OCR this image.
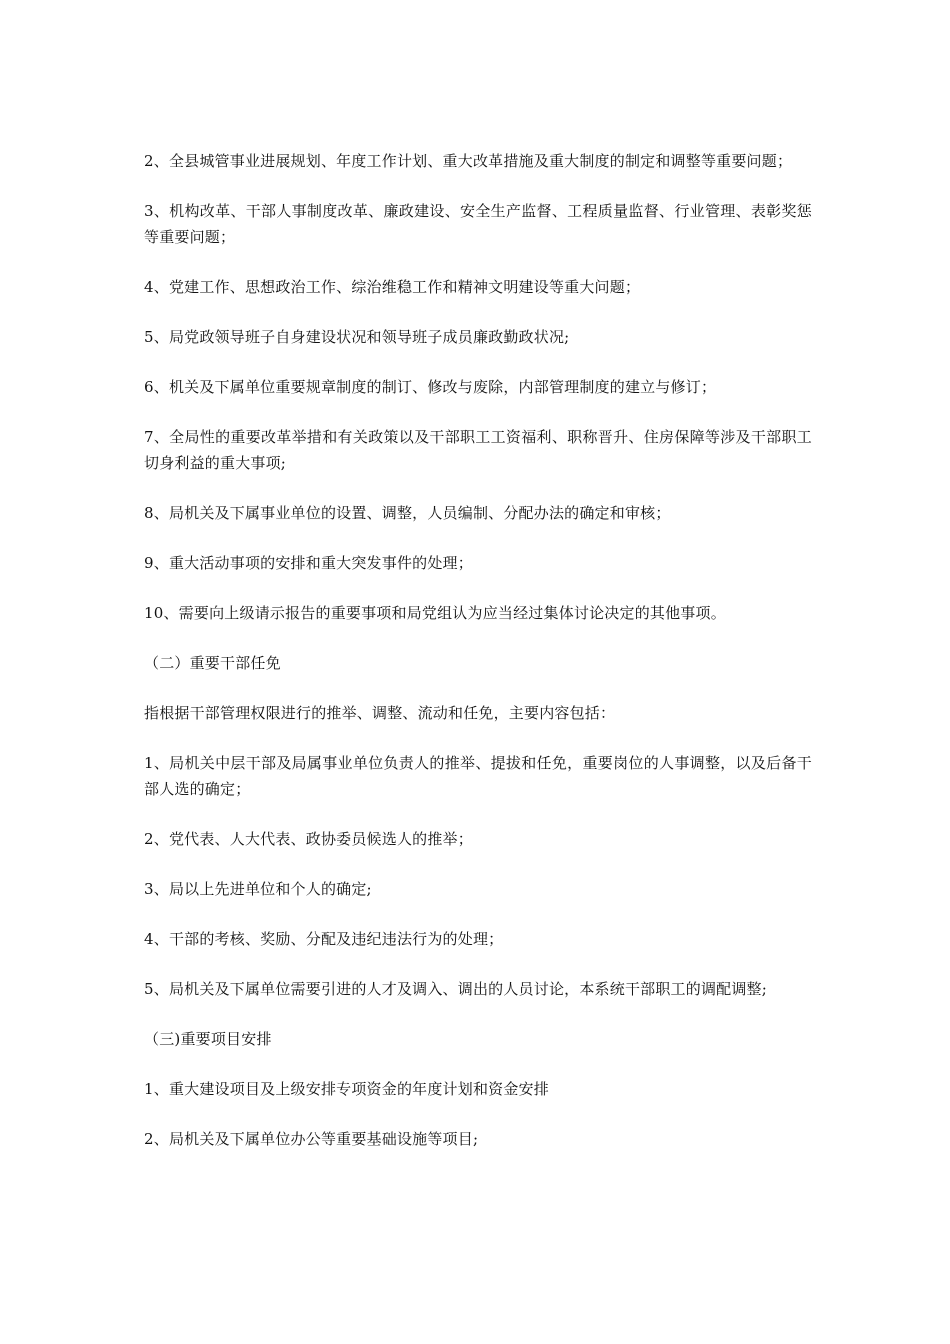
2、全县城管事业进展规划、年度工作计划、重大改革措施及重大制度的制定和调整等重要问题；

3、机构改革、干部人事制度改革、廉政建设、安全生产监督、工程质量监督、行业管理、表彰奖惩等重要问题；

4、党建工作、思想政治工作、综治维稳工作和精神文明建设等重大问题；

5、局党政领导班子自身建设状况和领导班子成员廉政勤政状况;

6、机关及下属单位重要规章制度的制订、修改与废除，内部管理制度的建立与修订；

7、全局性的重要改革举措和有关政策以及干部职工工资福利、职称晋升、住房保障等涉及干部职工切身利益的重大事项;

8、局机关及下属事业单位的设置、调整，人员编制、分配办法的确定和审核；

9、重大活动事项的安排和重大突发事件的处理；

10、需要向上级请示报告的重要事项和局党组认为应当经过集体讨论决定的其他事项。

（二）重要干部任免

指根据干部管理权限进行的推举、调整、流动和任免，主要内容包括：

1、局机关中层干部及局属事业单位负责人的推举、提拔和任免，重要岗位的人事调整，以及后备干部人选的确定；

2、党代表、人大代表、政协委员候选人的推举；

3、局以上先进单位和个人的确定;

4、干部的考核、奖励、分配及违纪违法行为的处理；

5、局机关及下属单位需要引进的人才及调入、调出的人员讨论，本系统干部职工的调配调整;

（三)重要项目安排

1、重大建设项目及上级安排专项资金的年度计划和资金安排

2、局机关及下属单位办公等重要基础设施等项目;
